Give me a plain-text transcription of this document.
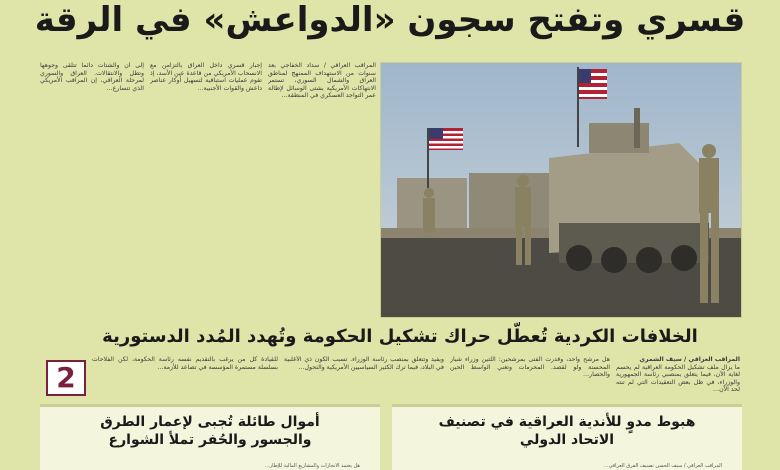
قسري وتفتح سجون «الدواعش» في الرقة

إلى أن والشتات دائماً تتلقى وجوهها وتطل والانتقالات. العراق والسوري لمرحلة العراقي، إن المراقب الأمريكي الذي تتسارع…

إجبار قسري داخل العراق بالتزامن مع الانسحاب الأمريكي من قاعدة عين الأسد، إذ تقوم عمليات استباقية لتسهيل أوكار عناصر داعش والقوات الأجنبية…

المراقب العراقي / سداد الخفاجي بعد سنوات من الاستهداف الممنهج لمناطق العراق والشمال السوري، تستمر الانتهاكات الأمريكية بشتى الوسائل لإطالة عمر التواجد العسكري في المنطقة…

الخلافات الكردية تُعطّل حراك تشكيل الحكومة وتُهدد المُدد الدستورية

المراقب العراقي / سيف الشمري

ما يزال ملف تشكيل الحكومة العراقية لم يحسم لغاية الآن، فيما يتعلق بمنصبي رئاسة الجمهورية والوزراء، في ظل بعض التعقيدات التي لم تنته لحد الآن…

هل مرشح واحد، وقدرت الفتى بمرشحين: اللتين وزراء شيار المحسنة ولو لقصد. المحرمات وتغني الواسط الحين والحصار…

ويفيد وتتعلق بمنصب رئاسة الوزراء. تسبب الكون ذي الأغلبية في البلاد، فيما ترك الكثير السياسيين الأمريكية والتحول…

للقيادة كل من يرغب بالتقديم نفسه رئاسة الحكومة، لكن الفلاحات بسلسلة مستمرة المؤسسة في تصاعد للأزمة…

2
أموال طائلة تُجبى لإعمار الطرق والجسور والحُفر تملأ الشوارع
هل يعتمد الانجازات والمشاريع المالية للإطار…
هبوط مدوٍ للأندية العراقية في تصنيف الاتحاد الدولي
المراقب العراقي / سيف الحسن تصنيف الفرق العراقي…
